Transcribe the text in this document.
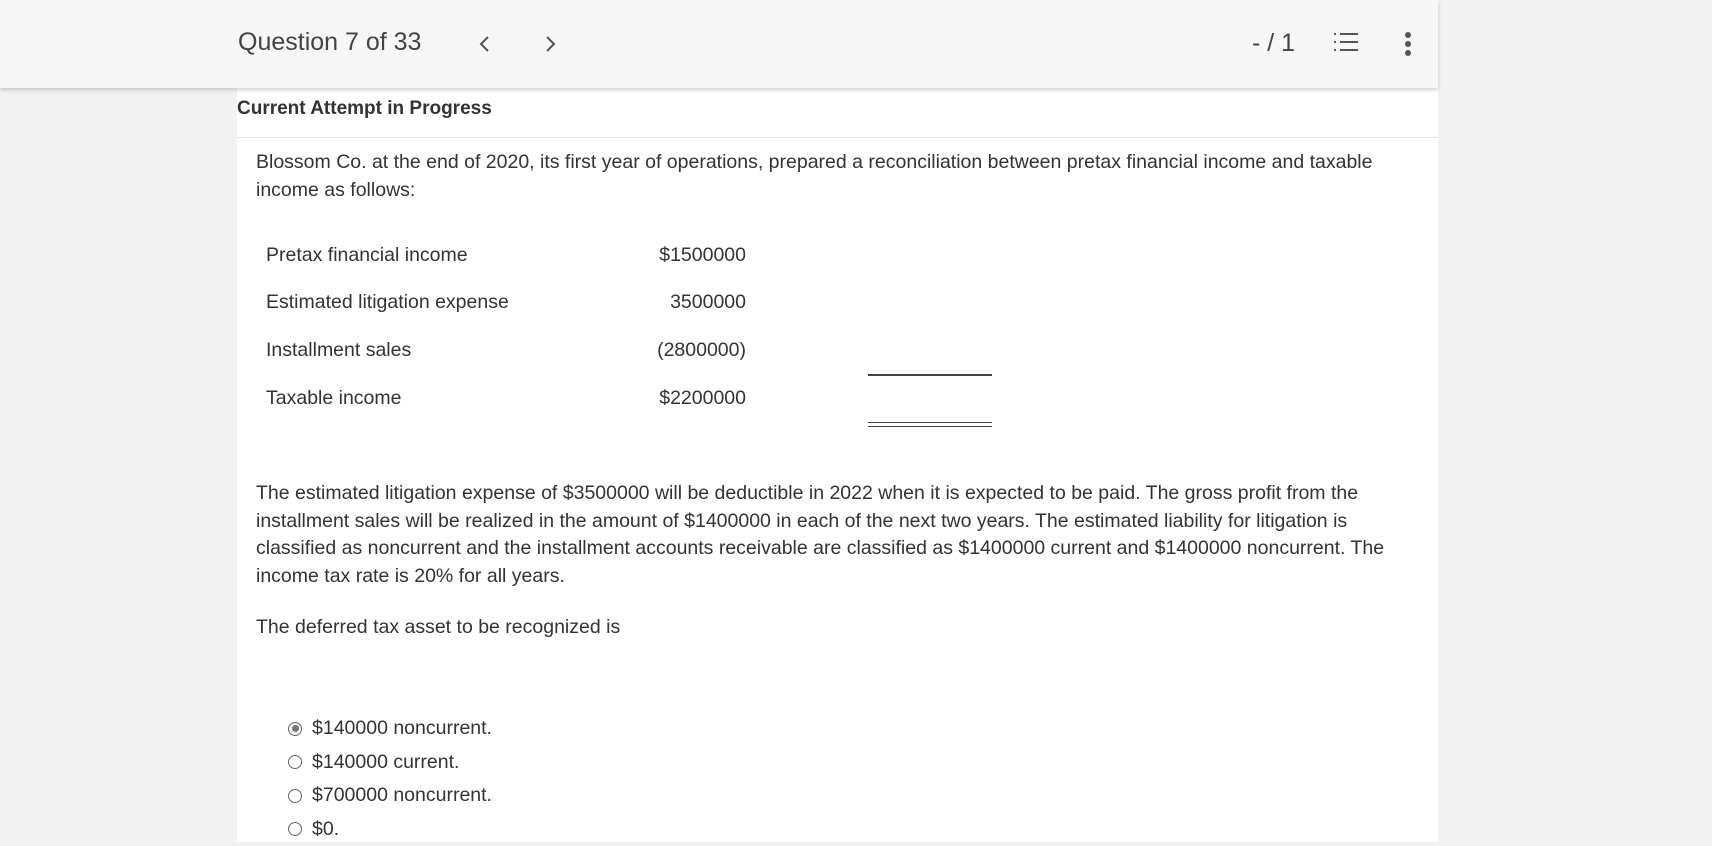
Question 7 of 33	- / 1
Current Attempt in Progress
Blossom Co. at the end of 2020, its first year of operations, prepared a reconciliation between pretax financial income and taxable income as follows:
Pretax financial income	$1500000
Estimated litigation expense	3500000
Installment sales	(2800000)
Taxable income	$2200000
The estimated litigation expense of $3500000 will be deductible in 2022 when it is expected to be paid. The gross profit from the installment sales will be realized in the amount of $1400000 in each of the next two years. The estimated liability for litigation is classified as noncurrent and the installment accounts receivable are classified as $1400000 current and $1400000 noncurrent. The income tax rate is 20% for all years.
The deferred tax asset to be recognized is
$140000 noncurrent.
$140000 current.
$700000 noncurrent.
$0.
